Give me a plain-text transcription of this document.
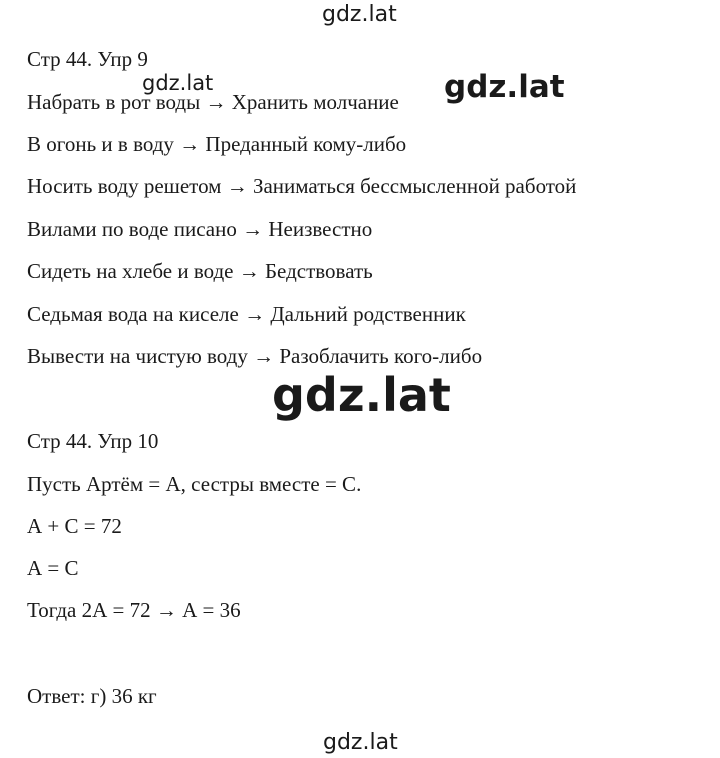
gdz.lat
Стр 44. Упр 9
gdz.lat	gdz.lat
Набрать в рот воды → Хранить молчание
В огонь и в воду → Преданный кому-либо
Носить воду решетом → Заниматься бессмысленной работой
Вилами по воде писано → Неизвестно
Сидеть на хлебе и воде → Бедствовать
Седьмая вода на киселе → Дальний родственник
Вывести на чистую воду → Разоблачить кого-либо
gdz.lat
Стр 44. Упр 10
Пусть Артём = А, сестры вместе = С.
А + С = 72
А = С
Тогда 2А = 72 → А = 36
Ответ: г) 36 кг
gdz.lat
